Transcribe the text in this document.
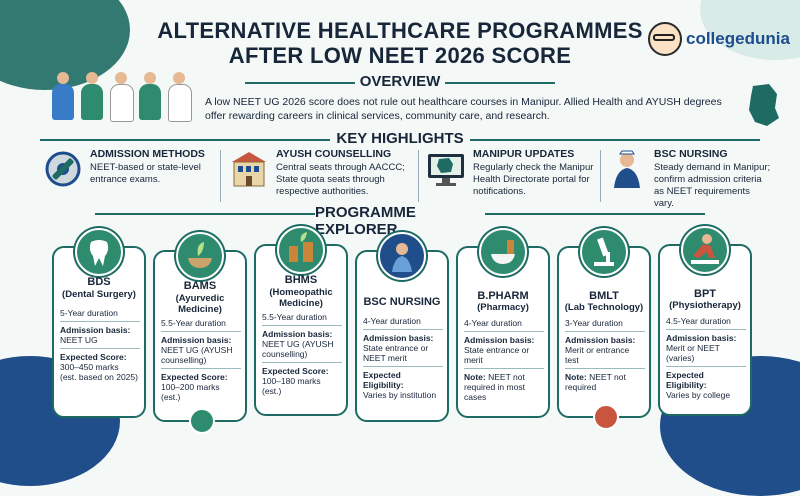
ALTERNATIVE HEALTHCARE PROGRAMMES
AFTER LOW NEET 2026 SCORE
collegedunia
OVERVIEW
A low NEET UG 2026 score does not rule out healthcare courses in Manipur. Allied Health and AYUSH degrees offer rewarding careers in clinical services, community care, and research.
KEY HIGHLIGHTS
ADMISSION METHODS
NEET-based or state-level entrance exams.
AYUSH COUNSELLING
Central seats through AACCC; State quota seats through respective authorities.
MANIPUR UPDATES
Regularly check the Manipur Health Directorate portal for notifications.
BSC NURSING
Steady demand in Manipur; confirm admission criteria as NEET requirements vary.
PROGRAMME EXPLORER
BDS
(Dental Surgery)
5-Year duration
Admission basis:
NEET UG
Expected Score:
300–450 marks
(est. based on 2025)
BAMS
(Ayurvedic Medicine)
5.5-Year duration
Admission basis:
NEET UG (AYUSH counselling)
Expected Score:
100–200 marks (est.)
BHMS
(Homeopathic Medicine)
5.5-Year duration
Admission basis:
NEET UG (AYUSH counselling)
Expected Score:
100–180 marks (est.)
BSC NURSING
4-Year duration
Admission basis:
State entrance or NEET merit
Expected Eligibility:
Varies by institution
B.PHARM
(Pharmacy)
4-Year duration
Admission basis:
State entrance or merit
Note: NEET not required in most cases
BMLT
(Lab Technology)
3-Year duration
Admission basis:
Merit or entrance test
Note: NEET not required
BPT
(Physiotherapy)
4.5-Year duration
Admission basis:
Merit or NEET (varies)
Expected Eligibility:
Varies by college
